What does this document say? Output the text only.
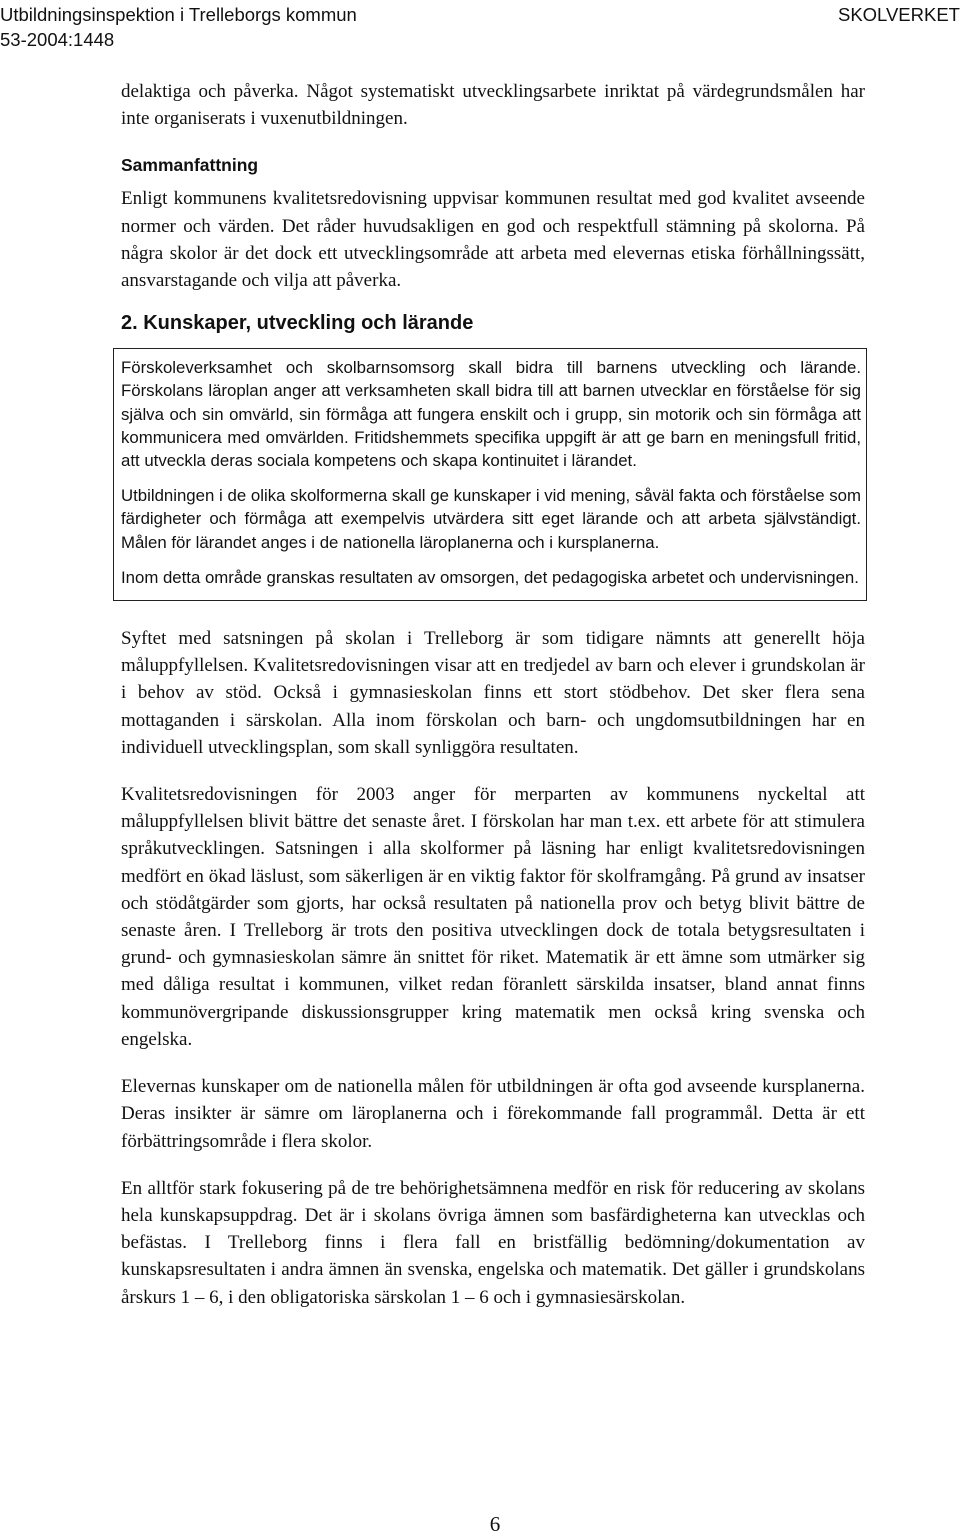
Utbildningsinspektion i Trelleborgs kommun
53-2004:1448
SKOLVERKET

delaktiga och påverka. Något systematiskt utvecklingsarbete inriktat på värdegrundsmålen har inte organiserats i vuxenutbildningen.

Sammanfattning

Enligt kommunens kvalitetsredovisning uppvisar kommunen resultat med god kvalitet avseende normer och värden. Det råder huvudsakligen en god och respektfull stämning på skolorna. På några skolor är det dock ett utvecklingsområde att arbeta med elevernas etiska förhållningssätt, ansvarstagande och vilja att påverka.

2. Kunskaper, utveckling och lärande

Förskoleverksamhet och skolbarnsomsorg skall bidra till barnens utveckling och lärande. Förskolans läroplan anger att verksamheten skall bidra till att barnen utvecklar en förståelse för sig själva och sin omvärld, sin förmåga att fungera enskilt och i grupp, sin motorik och sin förmåga att kommunicera med omvärlden. Fritidshemmets specifika uppgift är att ge barn en meningsfull fritid, att utveckla deras sociala kompetens och skapa kontinuitet i lärandet.

Utbildningen i de olika skolformerna skall ge kunskaper i vid mening, såväl fakta och förståelse som färdigheter och förmåga att exempelvis utvärdera sitt eget lärande och att arbeta självständigt. Målen för lärandet anges i de nationella läroplanerna och i kursplanerna.

Inom detta område granskas resultaten av omsorgen, det pedagogiska arbetet och undervisningen.

Syftet med satsningen på skolan i Trelleborg är som tidigare nämnts att generellt höja måluppfyllelsen. Kvalitetsredovisningen visar att en tredjedel av barn och elever i grundskolan är i behov av stöd. Också i gymnasieskolan finns ett stort stödbehov. Det sker flera sena mottaganden i särskolan. Alla inom förskolan och barn- och ungdomsutbildningen har en individuell utvecklingsplan, som skall synliggöra resultaten.

Kvalitetsredovisningen för 2003 anger för merparten av kommunens nyckeltal att måluppfyllelsen blivit bättre det senaste året. I förskolan har man t.ex. ett arbete för att stimulera språkutvecklingen. Satsningen i alla skolformer på läsning har enligt kvalitetsredovisningen medfört en ökad läslust, som säkerligen är en viktig faktor för skolframgång. På grund av insatser och stödåtgärder som gjorts, har också resultaten på nationella prov och betyg blivit bättre de senaste åren. I Trelleborg är trots den positiva utvecklingen dock de totala betygsresultaten i grund- och gymnasieskolan sämre än snittet för riket. Matematik är ett ämne som utmärker sig med dåliga resultat i kommunen, vilket redan föranlett särskilda insatser, bland annat finns kommunövergripande diskussionsgrupper kring matematik men också kring svenska och engelska.

Elevernas kunskaper om de nationella målen för utbildningen är ofta god avseende kursplanerna. Deras insikter är sämre om läroplanerna och i förekommande fall programmål. Detta är ett förbättringsområde i flera skolor.

En alltför stark fokusering på de tre behörighetsämnena medför en risk för reducering av skolans hela kunskapsuppdrag. Det är i skolans övriga ämnen som basfärdigheterna kan utvecklas och befästas. I Trelleborg finns i flera fall en bristfällig bedömning/dokumentation av kunskapsresultaten i andra ämnen än svenska, engelska och matematik. Det gäller i grundskolans årskurs 1 – 6, i den obligatoriska särskolan 1 – 6 och i gymnasiesärskolan.

6
